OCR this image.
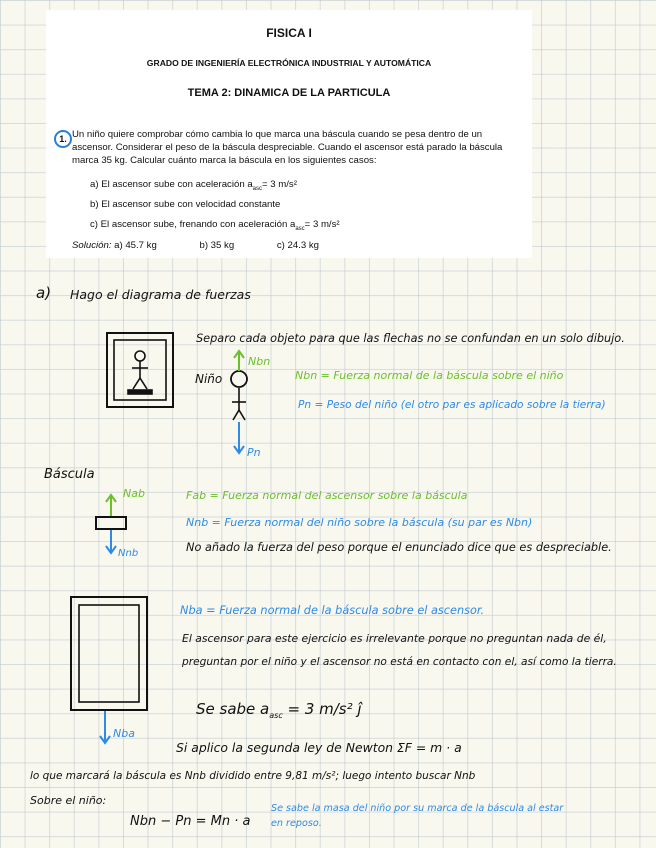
FISICA I
GRADO DE INGENIERÍA ELECTRÓNICA INDUSTRIAL Y AUTOMÁTICA
TEMA 2: DINAMICA DE LA PARTICULA
1. Un niño quiere comprobar cómo cambia lo que marca una báscula cuando se pesa dentro de un
ascensor. Considerar el peso de la báscula despreciable. Cuando el ascensor está parado la báscula
marca 35 kg. Calcular cuánto marca la báscula en los siguientes casos:
a) El ascensor sube con aceleración $a_{asc}= 3$ m/s²
b) El ascensor sube con velocidad constante
c) El ascensor sube, frenando con aceleración $a_{asc}= 3$ m/s²
Solución: a) 45.7 kg	b) 35 kg	c) 24.3 kg
a) Hago el diagrama de fuerzas
Separo cada objeto para que las flechas no se confundan en un solo dibujo.
Niño
Nbn
Pn
Nbn = Fuerza normal de la báscula sobre el niño
Pn = Peso del niño (el otro par es aplicado sobre la tierra)
Báscula
Nab
Nnb
Fab = Fuerza normal del ascensor sobre la báscula
Nnb = Fuerza normal del niño sobre la báscula (su par es Nbn)
No añado la fuerza del peso porque el enunciado dice que es despreciable.
Nba = Fuerza normal de la báscula sobre el ascensor.
El ascensor para este ejercicio es irrelevante porque no preguntan nada de él,
preguntan por el niño y el ascensor no está en contacto con el, así como la tierra.
Nba
Se sabe $a_{asc} = 3$ m/s² ĵ
Si aplico la segunda ley de Newton ΣF = m · a
lo que marcará la báscula es Nnb dividido entre 9,81 m/s²; luego intento buscar Nnb
Sobre el niño:
Nbn − Pn = Mn · a
Se sabe la masa del niño por su marca de la báscula al estar
en reposo.
